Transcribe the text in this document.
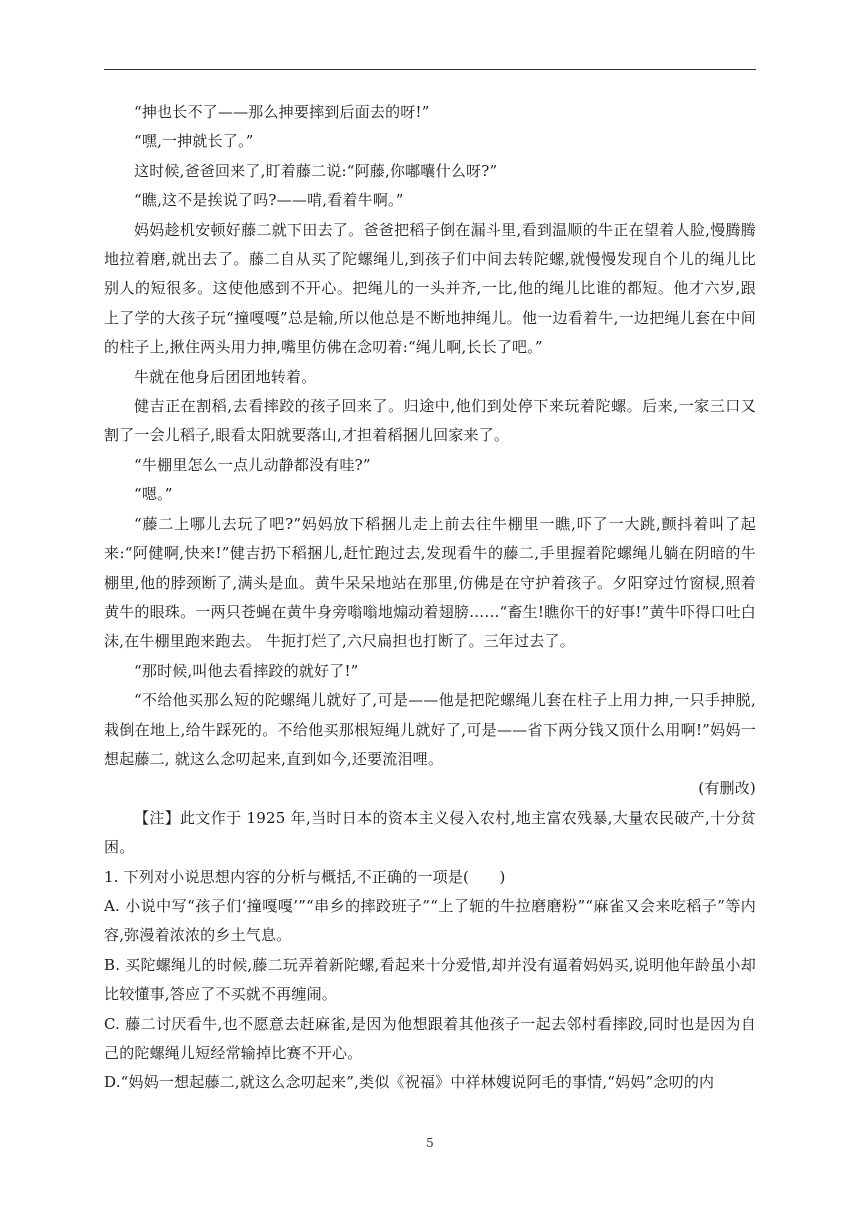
“抻也长不了——那么抻要摔到后面去的呀!”

“嘿,一抻就长了。”

这时候,爸爸回来了,盯着藤二说:“阿藤,你嘟囔什么呀?”

“瞧,这不是挨说了吗?——啃,看着牛啊。”

妈妈趁机安顿好藤二就下田去了。爸爸把稻子倒在漏斗里,看到温顺的牛正在望着人脸,慢腾腾地拉着磨,就出去了。藤二自从买了陀螺绳儿,到孩子们中间去转陀螺,就慢慢发现自个儿的绳儿比别人的短很多。这使他感到不开心。把绳儿的一头并齐,一比,他的绳儿比谁的都短。他才六岁,跟上了学的大孩子玩“撞嘎嘎”总是输,所以他总是不断地抻绳儿。他一边看着牛,一边把绳儿套在中间的柱子上,揪住两头用力抻,嘴里仿佛在念叨着:“绳儿啊,长长了吧。”

牛就在他身后团团地转着。

健吉正在割稻,去看摔跤的孩子回来了。归途中,他们到处停下来玩着陀螺。后来,一家三口又割了一会儿稻子,眼看太阳就要落山,才担着稻捆儿回家来了。

“牛棚里怎么一点儿动静都没有哇?”

“嗯。”

“藤二上哪儿去玩了吧?”妈妈放下稻捆儿走上前去往牛棚里一瞧,吓了一大跳,颤抖着叫了起来:“阿健啊,快来!”健吉扔下稻捆儿,赶忙跑过去,发现看牛的藤二,手里握着陀螺绳儿躺在阴暗的牛棚里,他的脖颈断了,满头是血。黄牛呆呆地站在那里,仿佛是在守护着孩子。夕阳穿过竹窗棂,照着黄牛的眼珠。一两只苍蝇在黄牛身旁嗡嗡地煽动着翅膀……“畜生!瞧你干的好事!”黄牛吓得口吐白沫,在牛棚里跑来跑去。 牛扼打烂了,六尺扁担也打断了。三年过去了。

“那时候,叫他去看摔跤的就好了!”

“不给他买那么短的陀螺绳儿就好了,可是——他是把陀螺绳儿套在柱子上用力抻,一只手抻脱,栽倒在地上,给牛踩死的。不给他买那根短绳儿就好了,可是——省下两分钱又顶什么用啊!”妈妈一想起藤二, 就这么念叨起来,直到如今,还要流泪哩。

(有删改)

【注】此文作于 1925 年,当时日本的资本主义侵入农村,地主富农残暴,大量农民破产,十分贫困。

1. 下列对小说思想内容的分析与概括,不正确的一项是(　　)

A. 小说中写“孩子们‘撞嘎嘎’”“串乡的摔跤班子”“上了轭的牛拉磨磨粉”“麻雀又会来吃稻子”等内容,弥漫着浓浓的乡土气息。

B. 买陀螺绳儿的时候,藤二玩弄着新陀螺,看起来十分爱惜,却并没有逼着妈妈买,说明他年龄虽小却比较懂事,答应了不买就不再缠闹。

C. 藤二讨厌看牛,也不愿意去赶麻雀,是因为他想跟着其他孩子一起去邻村看摔跤,同时也是因为自己的陀螺绳儿短经常输掉比赛不开心。

D.“妈妈一想起藤二,就这么念叨起来”,类似《祝福》中祥林嫂说阿毛的事情,“妈妈”念叨的内

5
